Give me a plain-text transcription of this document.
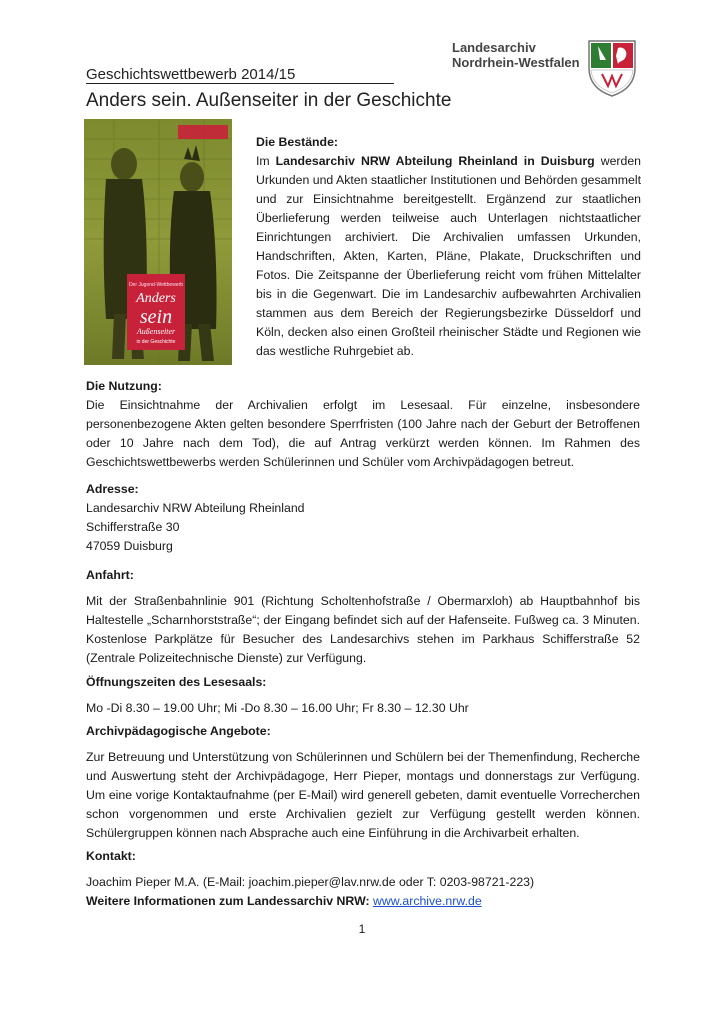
Landesarchiv
Nordrhein-Westfalen
Geschichtswettbewerb 2014/15
Anders sein. Außenseiter in der Geschichte
Der Jugend-Wettbewerb
Anders
sein
Außenseiter
in der Geschichte

Die Bestände:

Im Landesarchiv NRW Abteilung Rheinland in Duisburg werden Urkunden und Akten staatlicher Institutionen und Behörden gesammelt und zur Einsichtnahme bereitgestellt. Ergänzend zur staatlichen Überlieferung werden teilweise auch Unterlagen nichtstaatlicher Einrichtungen archiviert. Die Archivalien umfassen Urkunden, Handschriften, Akten, Karten, Pläne, Plakate, Druckschriften und Fotos. Die Zeitspanne der Überlieferung reicht vom frühen Mittelalter bis in die Gegenwart. Die im Landesarchiv aufbewahrten Archivalien stammen aus dem Bereich der Regierungsbezirke Düsseldorf und Köln, decken also einen Großteil rheinischer Städte und Regionen wie das westliche Ruhrgebiet ab.

Die Nutzung:

Die Einsichtnahme der Archivalien erfolgt im Lesesaal. Für einzelne, insbesondere personenbezogene Akten gelten besondere Sperrfristen (100 Jahre nach der Geburt der Betroffenen oder 10 Jahre nach dem Tod), die auf Antrag verkürzt werden können. Im Rahmen des Geschichtswettbewerbs werden Schülerinnen und Schüler vom Archivpädagogen betreut.

Adresse:

Landesarchiv NRW Abteilung Rheinland

Schifferstraße 30

47059 Duisburg

Anfahrt:

Mit der Straßenbahnlinie 901 (Richtung Scholtenhofstraße / Obermarxloh) ab Hauptbahnhof bis Haltestelle „Scharnhorststraße“; der Eingang befindet sich auf der Hafenseite. Fußweg ca. 3 Minuten. Kostenlose Parkplätze für Besucher des Landesarchivs stehen im Parkhaus Schifferstraße 52 (Zentrale Polizeitechnische Dienste) zur Verfügung.

Öffnungszeiten des Lesesaals:

Mo -Di 8.30 – 19.00 Uhr; Mi -Do 8.30 – 16.00 Uhr; Fr 8.30 – 12.30 Uhr

Archivpädagogische Angebote:

Zur Betreuung und Unterstützung von Schülerinnen und Schülern bei der Themenfindung, Recherche und Auswertung steht der Archivpädagoge, Herr Pieper, montags und donnerstags zur Verfügung. Um eine vorige Kontaktaufnahme (per E-Mail) wird generell gebeten, damit eventuelle Vorrecherchen schon vorgenommen und erste Archivalien gezielt zur Verfügung gestellt werden können. Schülergruppen können nach Absprache auch eine Einführung in die Archivarbeit erhalten.

Kontakt:

Joachim Pieper M.A. (E-Mail: joachim.pieper@lav.nrw.de oder T: 0203-98721-223)

Weitere Informationen zum Landessarchiv NRW: www.archive.nrw.de

1
